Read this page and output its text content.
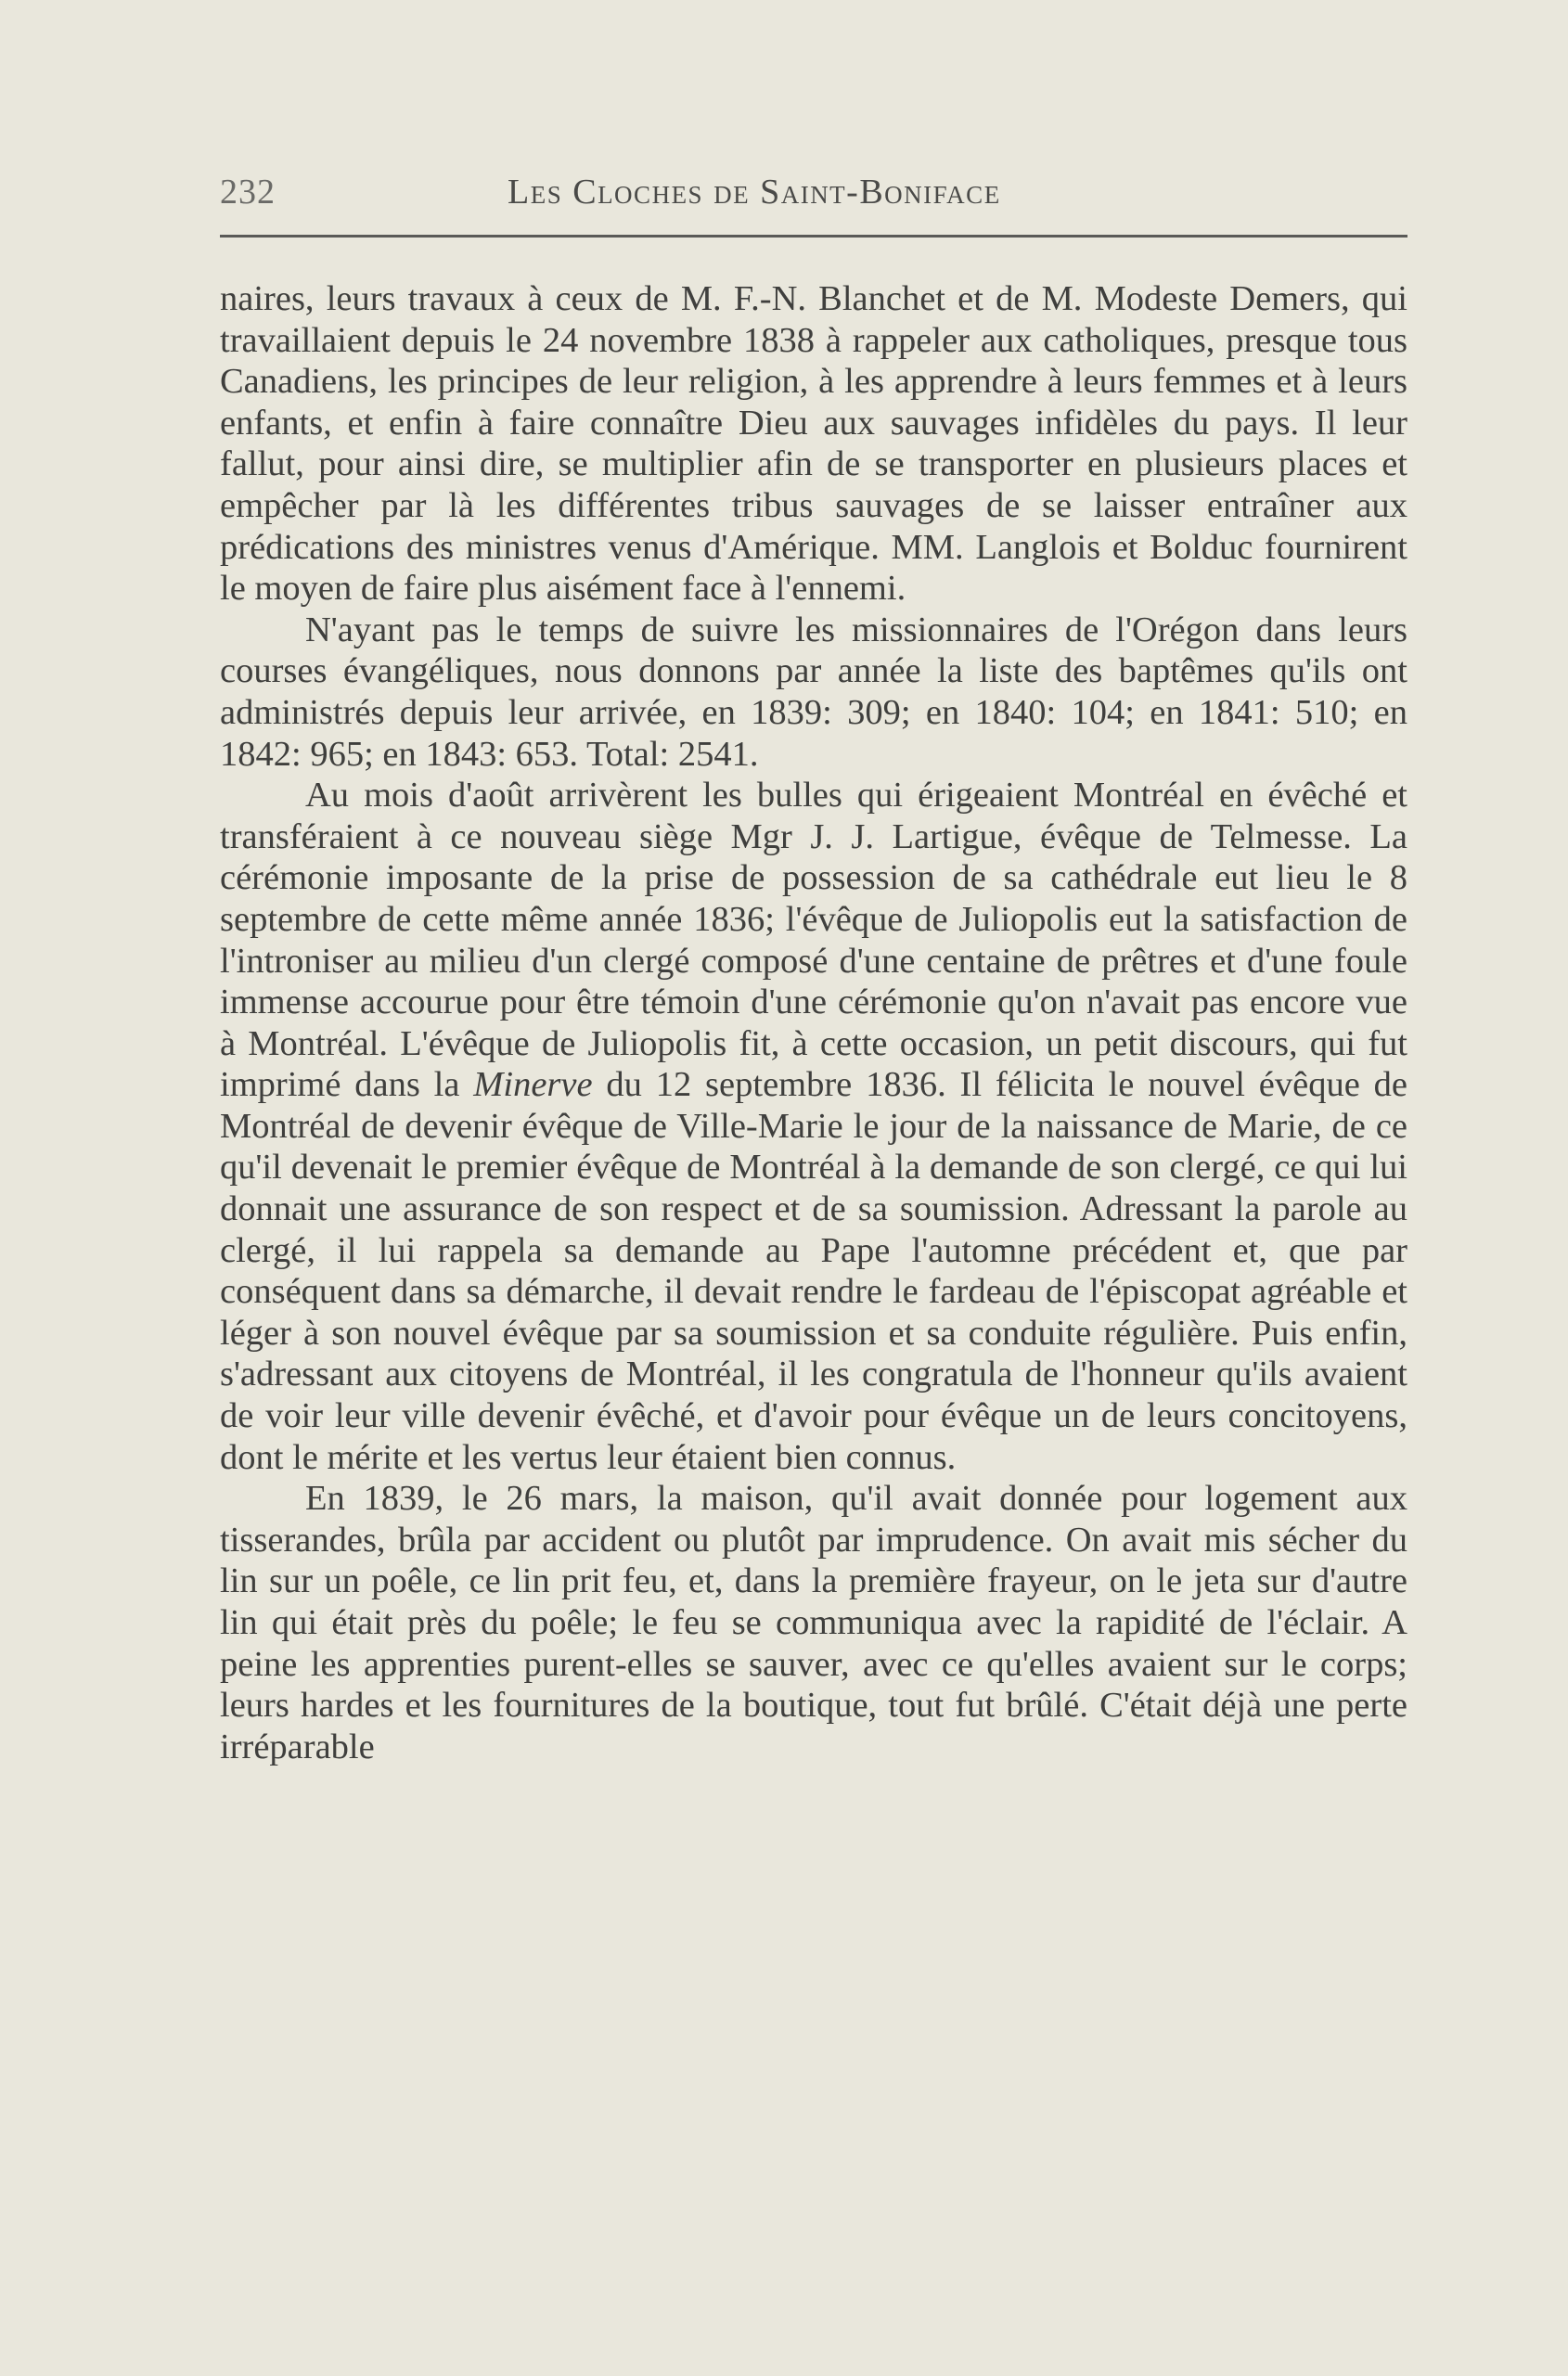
232	Les Cloches de Saint-Boniface

naires, leurs travaux à ceux de M. F.-N. Blanchet et de M. Modeste Demers, qui travaillaient depuis le 24 novembre 1838 à rappeler aux catholiques, presque tous Canadiens, les principes de leur religion, à les apprendre à leurs femmes et à leurs enfants, et enfin à faire connaître Dieu aux sauvages infidèles du pays. Il leur fallut, pour ainsi dire, se multiplier afin de se transporter en plusieurs places et empêcher par là les différentes tribus sauvages de se laisser entraîner aux prédications des ministres venus d'Amérique. MM. Langlois et Bolduc fournirent le moyen de faire plus aisément face à l'ennemi.

N'ayant pas le temps de suivre les missionnaires de l'Orégon dans leurs courses évangéliques, nous donnons par année la liste des baptêmes qu'ils ont administrés depuis leur arrivée, en 1839: 309; en 1840: 104; en 1841: 510; en 1842: 965; en 1843: 653. Total: 2541.

Au mois d'août arrivèrent les bulles qui érigeaient Montréal en évêché et transféraient à ce nouveau siège Mgr J. J. Lartigue, évêque de Telmesse. La cérémonie imposante de la prise de possession de sa cathédrale eut lieu le 8 septembre de cette même année 1836; l'évêque de Juliopolis eut la satisfaction de l'introniser au milieu d'un clergé composé d'une centaine de prêtres et d'une foule immense accourue pour être témoin d'une cérémonie qu'on n'avait pas encore vue à Montréal. L'évêque de Juliopolis fit, à cette occasion, un petit discours, qui fut imprimé dans la Minerve du 12 septembre 1836. Il félicita le nouvel évêque de Montréal de devenir évêque de Ville-Marie le jour de la naissance de Marie, de ce qu'il devenait le premier évêque de Montréal à la demande de son clergé, ce qui lui donnait une assurance de son respect et de sa soumission. Adressant la parole au clergé, il lui rappela sa demande au Pape l'automne précédent et, que par conséquent dans sa démarche, il devait rendre le fardeau de l'épiscopat agréable et léger à son nouvel évêque par sa soumission et sa conduite régulière. Puis enfin, s'adressant aux citoyens de Montréal, il les congratula de l'honneur qu'ils avaient de voir leur ville devenir évêché, et d'avoir pour évêque un de leurs concitoyens, dont le mérite et les vertus leur étaient bien connus.

En 1839, le 26 mars, la maison, qu'il avait donnée pour logement aux tisserandes, brûla par accident ou plutôt par imprudence. On avait mis sécher du lin sur un poêle, ce lin prit feu, et, dans la première frayeur, on le jeta sur d'autre lin qui était près du poêle; le feu se communiqua avec la rapidité de l'éclair. A peine les apprenties purent-elles se sauver, avec ce qu'elles avaient sur le corps; leurs hardes et les fournitures de la boutique, tout fut brûlé. C'était déjà une perte irréparable
